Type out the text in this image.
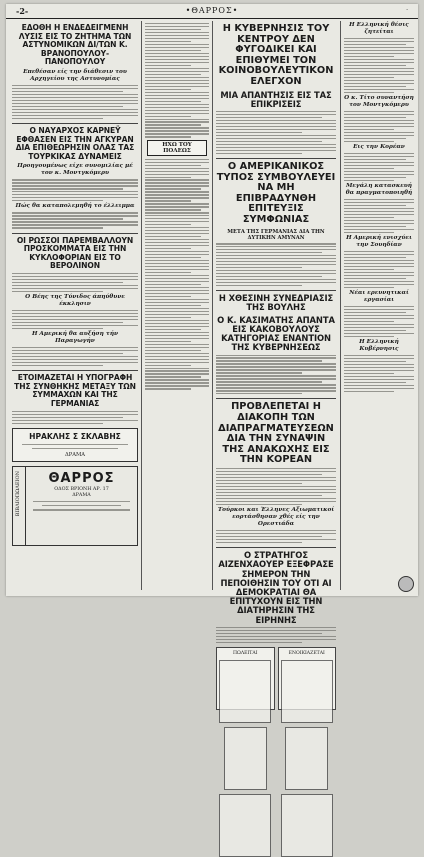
-2-	•ΘΑΡΡΟΣ•	·
ΕΔΟΘΗ Η ΕΝΔΕΔΕΙΓΜΕΝΗ ΛΥΣΙΣ ΕΙΣ ΤΟ ΖΗΤΗΜΑ ΤΩΝ ΑΣΤΥΝΟΜΙΚΩΝ ΔΙ/ΤΩΝ Κ. ΒΡΑΝΟΠΟΥΛΟΥ-ΠΑΝΟΠΟΥΛΟΥ
Επεθέσαν είς την διάθεσιν του Αρχηγείου της Αστυνομίας
Ο ΝΑΥΑΡΧΟΣ ΚΑΡΝΕΫ ΕΦΘΑΣΕΝ ΕΙΣ ΤΗΝ ΑΓΚΥΡΑΝ ΔΙΑ ΕΠΙΘΕΩΡΗΣΙΝ ΟΛΑΣ ΤΑΣ ΤΟΥΡΚΙΚΑΣ ΔΥΝΑΜΕΙΣ
Προηγουμένως είχε συνομιλίας μέ τον κ. Μοντγκόμερυ
Πώς θα καταπολεμηθή το έλλειμμα
ΟΙ ΡΩΣΣΟΙ ΠΑΡΕΜΒΑΛΛΟΥΝ ΠΡΟΣΚΟΜΜΑΤΑ ΕΙΣ ΤΗΝ ΚΥΚΛΟΦΟΡΙΑΝ ΕΙΣ ΤΟ ΒΕΡΟΛΙΝΟΝ
Ο Βέης της Τύνιδος άπηύθυνε έκκλησιν
Η Αμερική θα αυξήση τήν Παραγωγήν
ΕΤΟΙΜΑΖΕΤΑΙ Η ΥΠΟΓΡΑΦΗ ΤΗΣ ΣΥΝΘΗΚΗΣ ΜΕΤΑΞΥ ΤΩΝ ΣΥΜΜΑΧΩΝ ΚΑΙ ΤΗΣ ΓΕΡΜΑΝΙΑΣ
ΗΡΑΚΛΗΣ Σ ΣΚΛΑΒΗΣ
ΔΡΑΜΑ
ΒΙΒΛΙΟΠΩΛΕΙΟΝ	ΘΑΡΡΟΣ
ΟΔΟΣ ΒΡΙΟΝΗ ΑΡ. 17
ΔΡΑΜΑ
ΗΧΩ ΤΟΥ ΠΟΛΕΩΣ
Η ΚΥΒΕΡΝΗΣΙΣ ΤΟΥ ΚΕΝΤΡΟΥ ΔΕΝ ΦΥΓΟΔΙΚΕΙ ΚΑΙ ΕΠΙΘΥΜΕΙ ΤΟΝ ΚΟΙΝΟΒΟΥΛΕΥΤΙΚΟΝ ΕΛΕΓΧΟΝ
ΜΙΑ ΑΠΑΝΤΗΣΙΣ ΕΙΣ ΤΑΣ ΕΠΙΚΡΙΣΕΙΣ
Ο ΑΜΕΡΙΚΑΝΙΚΟΣ ΤΥΠΟΣ ΣΥΜΒΟΥΛΕΥΕΙ ΝΑ ΜΗ ΕΠΙΒΡΑΔΥΝΘΗ ΕΠΙΤΕΥΞΙΣ ΣΥΜΦΩΝΙΑΣ
ΜΕΤΑ ΤΗΣ ΓΕΡΜΑΝΙΑΣ ΔΙΑ ΤΗΝ ΔΥΤΙΚΗΝ ΑΜΥΝΑΝ
Η ΧΘΕΣΙΝΗ ΣΥΝΕΔΡΙΑΣΙΣ ΤΗΣ ΒΟΥΛΗΣ
Ο Κ. ΚΑΣΙΜΑΤΗΣ ΑΠΑΝΤΑ ΕΙΣ ΚΑΚΟΒΟΥΛΟΥΣ ΚΑΤΗΓΟΡΙΑΣ ΕΝΑΝΤΙΟΝ ΤΗΣ ΚΥΒΕΡΝΗΣΕΩΣ
ΠΡΟΒΛΕΠΕΤΑΙ Η ΔΙΑΚΟΠΗ ΤΩΝ ΔΙΑΠΡΑΓΜΑΤΕΥΣΕΩΝ ΔΙΑ ΤΗΝ ΣΥΝΑΨΙΝ ΤΗΣ ΑΝΑΚΩΧΗΣ ΕΙΣ ΤΗΝ ΚΟΡΕΑΝ
Τούρκοι και Έλληνες Αξιωματικοί εορτάσθησαν χθές είς την Ορεστιάδα
Ο ΣΤΡΑΤΗΓΟΣ ΑΙΖΕΝΧΑΟΥΕΡ ΕΞΕΦΡΑΣΕ ΣΗΜΕΡΟΝ ΤΗΝ ΠΕΠΟΙΘΗΣΙΝ ΤΟΥ ΟΤΙ ΑΙ ΔΕΜΟΚΡΑΤΙΑΙ ΘΑ ΕΠΙΤΥΧΟΥΝ ΕΙΣ ΤΗΝ ΔΙΑΤΗΡΗΣΙΝ ΤΗΣ ΕΙΡΗΝΗΣ
ΠΩΛΕΙΤΑΙ	ΕΝΟΙΚΙΑΖΕΤΑΙ
Η Ελληνική θέσις ζητείται
Ο κ. Τίτο συναντήση τον Μοντγκόμερυ
Εις την Κορέαν
Μεγάλη κατασκευή θα πραγματοποιηθή
Η Αμερική ενισχύει την Σουηδίαν
Νέαι ερευνητικαί εργασίαι
Η Ελληνική Κυβέρνησις
